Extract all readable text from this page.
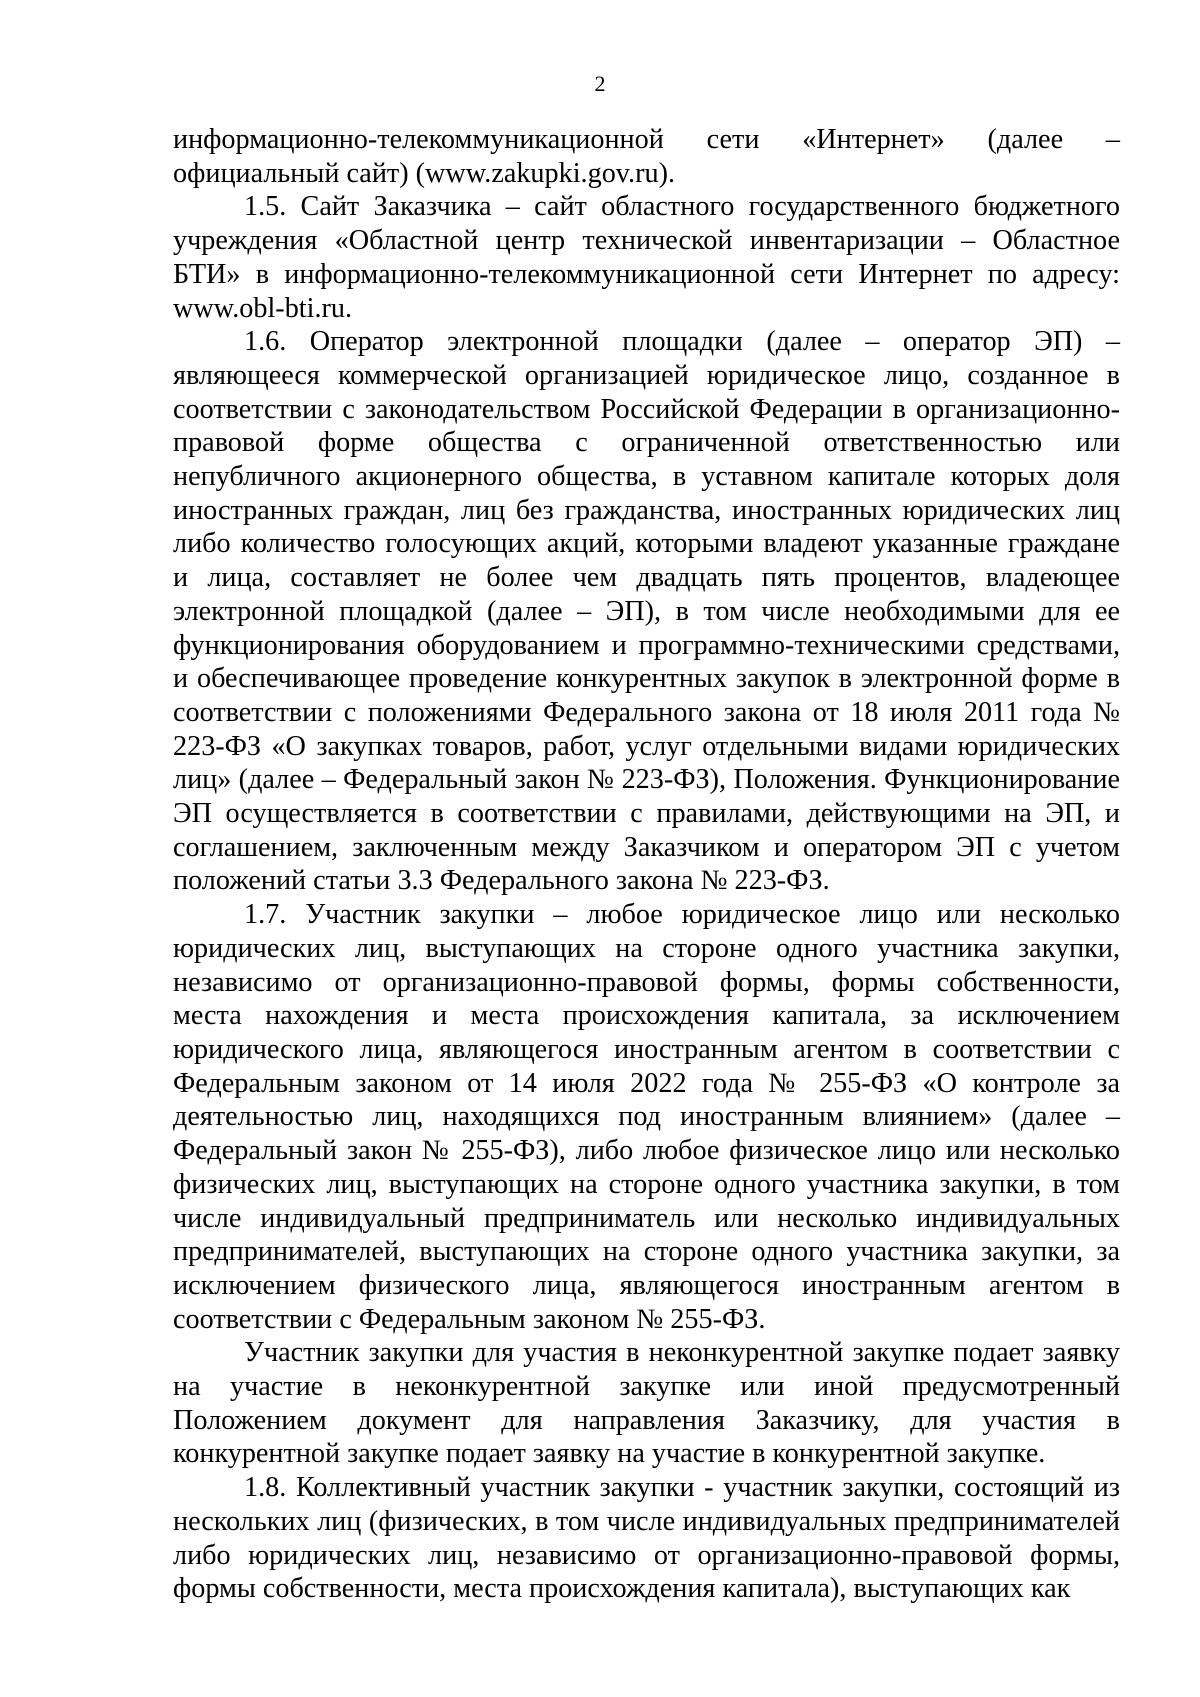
2

информационно-телекоммуникационной сети «Интернет» (далее – официальный сайт) (www.zakupki.gov.ru).

1.5. Сайт Заказчика – сайт областного государственного бюджетного учреждения «Областной центр технической инвентаризации – Областное БТИ» в информационно-телекоммуникационной сети Интернет по адресу: www.obl-bti.ru.

1.6. Оператор электронной площадки (далее – оператор ЭП) – являющееся коммерческой организацией юридическое лицо, созданное в соответствии с законодательством Российской Федерации в организационно-правовой форме общества с ограниченной ответственностью или непубличного акционерного общества, в уставном капитале которых доля иностранных граждан, лиц без гражданства, иностранных юридических лиц либо количество голосующих акций, которыми владеют указанные граждане и лица, составляет не более чем двадцать пять процентов, владеющее электронной площадкой (далее – ЭП), в том числе необходимыми для ее функционирования оборудованием и программно-техническими средствами, и обеспечивающее проведение конкурентных закупок в электронной форме в соответствии с положениями Федерального закона от 18 июля 2011 года № 223-ФЗ «О закупках товаров, работ, услуг отдельными видами юридических лиц» (далее – Федеральный закон № 223-ФЗ), Положения. Функционирование ЭП осуществляется в соответствии с правилами, действующими на ЭП, и соглашением, заключенным между Заказчиком и оператором ЭП с учетом положений статьи 3.3 Федерального закона № 223-ФЗ.

1.7. Участник закупки – любое юридическое лицо или несколько юридических лиц, выступающих на стороне одного участника закупки, независимо от организационно-правовой формы, формы собственности, места нахождения и места происхождения капитала, за исключением юридического лица, являющегося иностранным агентом в соответствии с Федеральным законом от 14 июля 2022 года № 255-ФЗ «О контроле за деятельностью лиц, находящихся под иностранным влиянием» (далее – Федеральный закон № 255-ФЗ), либо любое физическое лицо или несколько физических лиц, выступающих на стороне одного участника закупки, в том числе индивидуальный предприниматель или несколько индивидуальных предпринимателей, выступающих на стороне одного участника закупки, за исключением физического лица, являющегося иностранным агентом в соответствии с Федеральным законом № 255-ФЗ.

Участник закупки для участия в неконкурентной закупке подает заявку на участие в неконкурентной закупке или иной предусмотренный Положением документ для направления Заказчику, для участия в конкурентной закупке подает заявку на участие в конкурентной закупке.

1.8. Коллективный участник закупки - участник закупки, состоящий из нескольких лиц (физических, в том числе индивидуальных предпринимателей либо юридических лиц, независимо от организационно-правовой формы, формы собственности, места происхождения капитала), выступающих как
